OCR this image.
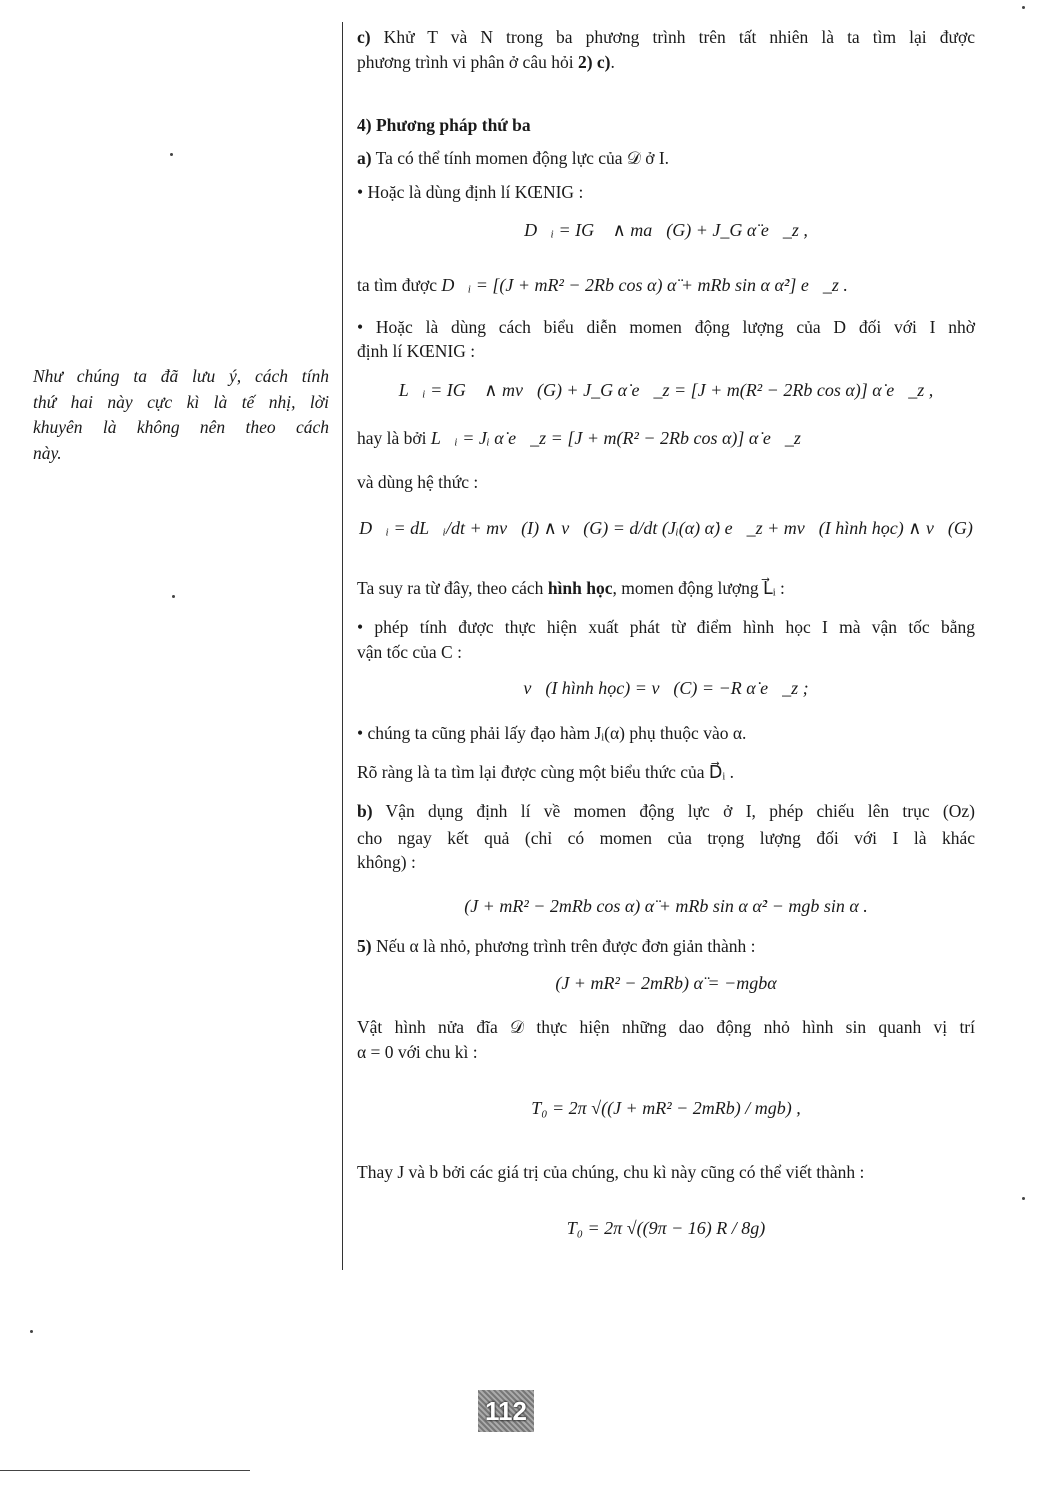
Như chúng ta đã lưu ý, cách tính
thứ hai này cực kì là tế nhị, lời
khuyên là không nên theo cách
này.
c) Khử T và N trong ba phương trình trên tất nhiên là ta tìm lại được
phương trình vi phân ở câu hỏi 2) c).
4) Phương pháp thứ ba
a) Ta có thể tính momen động lực của 𝒟 ở I.
• Hoặc là dùng định lí KŒNIG :
D⃗ᵢ = IG⃗ ∧ ma⃗(G) + J_G α̈ e⃗_z ,
ta tìm được D⃗ᵢ = [(J + mR² − 2Rb cos α) α̈ + mRb sin α α̇²] e⃗_z .
• Hoặc là dùng cách biểu diễn momen động lượng của D đối với I nhờ
định lí KŒNIG :
L⃗ᵢ = IG⃗ ∧ mv⃗(G) + J_G α̇ e⃗_z = [J + m(R² − 2Rb cos α)] α̇ e⃗_z ,
hay là bởi L⃗ᵢ = Jᵢ α̇ e⃗_z = [J + m(R² − 2Rb cos α)] α̇ e⃗_z
và dùng hệ thức :
D⃗ᵢ = dL⃗ᵢ/dt + mv⃗(I) ∧ v⃗(G) = d/dt (Jᵢ(α) α̇) e⃗_z + mv⃗(I hình học) ∧ v⃗(G)
Ta suy ra từ đây, theo cách hình học, momen động lượng L⃗ᵢ :
• phép tính được thực hiện xuất phát từ điểm hình học I mà vận tốc bằng
vận tốc của C :
v⃗(I hình học) = v⃗(C) = −R α̇ e⃗_z ;
• chúng ta cũng phải lấy đạo hàm Jᵢ(α) phụ thuộc vào α.
Rõ ràng là ta tìm lại được cùng một biểu thức của D⃗ᵢ .
b) Vận dụng định lí về momen động lực ở I, phép chiếu lên trục (Oz)
cho ngay kết quả (chỉ có momen của trọng lượng đối với I là khác
không) :
(J + mR² − 2mRb cos α) α̈ + mRb sin α α̇² − mgb sin α .
5) Nếu α là nhỏ, phương trình trên được đơn giản thành :
(J + mR² − 2mRb) α̈ = −mgbα
Vật hình nửa đĩa 𝒟 thực hiện những dao động nhỏ hình sin quanh vị trí
α = 0 với chu kì :
T₀ = 2π √((J + mR² − 2mRb) / mgb) ,
Thay J và b bởi các giá trị của chúng, chu kì này cũng có thể viết thành :
T₀ = 2π √((9π − 16) R / 8g)
112
